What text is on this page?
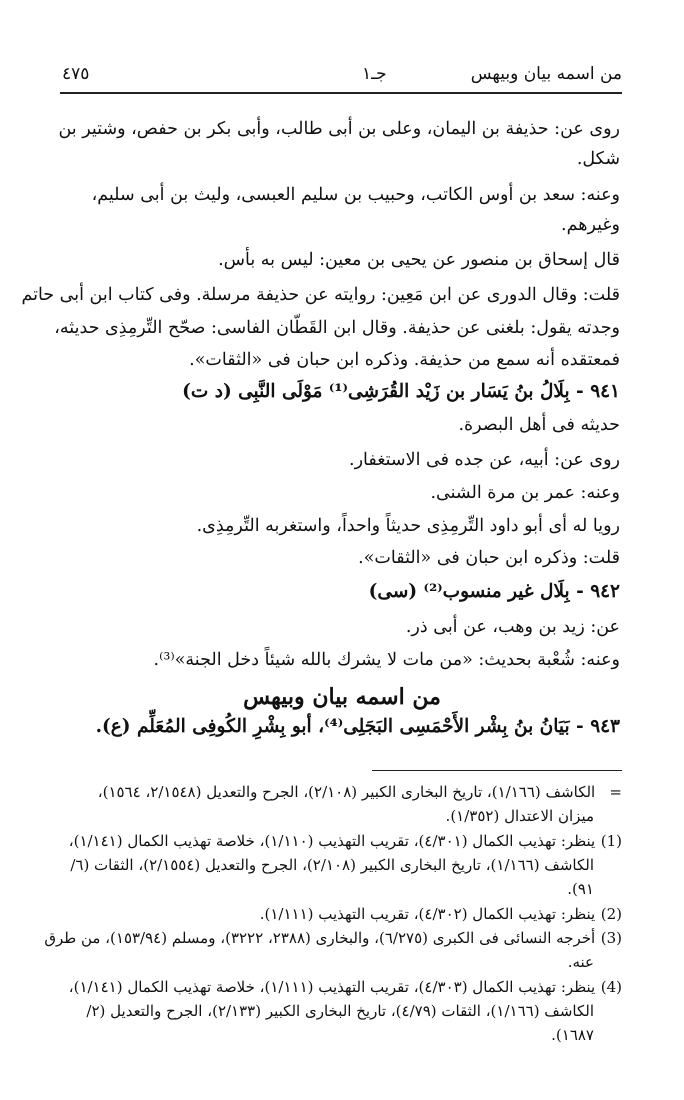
من اسمه بيان وبيهس
جـ١
٤٧٥
روى عن: حذيفة بن اليمان، وعلى بن أبى طالب، وأبى بكر بن حفص، وشتير بن
شكل.
وعنه: سعد بن أوس الكاتب، وحبيب بن سليم العبسى، وليث بن أبى سليم،
وغيرهم.
قال إسحاق بن منصور عن يحيى بن معين: ليس به بأس.
قلت: وقال الدورى عن ابن مَعِين: روايته عن حذيفة مرسلة. وفى كتاب ابن أبى حاتم
وجدته يقول: بلغنى عن حذيفة. وقال ابن القَطّان الفاسى: صحّح التِّرمِذِى حديثه،
فمعتقده أنه سمع من حذيفة. وذكره ابن حبان فى «الثقات».
٩٤١ - بِلَالُ بنُ يَسَار بن زَيْد القُرَشِى⁽¹⁾ مَوْلَى النَّبِى (د ت)
حديثه فى أهل البصرة.
روى عن: أبيه، عن جده فى الاستغفار.
وعنه: عمر بن مرة الشنى.
رويا له أى أبو داود التِّرمِذِى حديثاً واحداً، واستغربه التِّرمِذِى.
قلت: وذكره ابن حبان فى «الثقات».
٩٤٢ - بِلَال غير منسوب⁽²⁾ (سى)
عن: زيد بن وهب، عن أبى ذر.
وعنه: شُعْبة بحديث: «من مات لا يشرك بالله شيئاً دخل الجنة»⁽³⁾.
من اسمه بيان وبيهس
٩٤٣ - بَيَانُ بنُ بِشْر الأَحْمَسِى البَجَلِى⁽⁴⁾، أبو بِشْرِ الكُوفِى المُعَلِّم (ع).
= الكاشف (١/١٦٦)، تاريخ البخارى الكبير (٢/١٠٨)، الجرح والتعديل (٢/١٥٤٨، ١٥٦٤)،
ميزان الاعتدال (١/٣٥٢).
(1) ينظر: تهذيب الكمال (٤/٣٠١)، تقريب التهذيب (١/١١٠)، خلاصة تهذيب الكمال (١/١٤١)،
الكاشف (١/١٦٦)، تاريخ البخارى الكبير (٢/١٠٨)، الجرح والتعديل (٢/١٥٥٤)، الثقات (٦/
٩١).
(2) ينظر: تهذيب الكمال (٤/٣٠٢)، تقريب التهذيب (١/١١١).
(3) أخرجه النسائى فى الكبرى (٦/٢٧٥)، والبخارى (٢٣٨٨، ٣٢٢٢)، ومسلم (١٥٣/٩٤)، من طرق
عنه.
(4) ينظر: تهذيب الكمال (٤/٣٠٣)، تقريب التهذيب (١/١١١)، خلاصة تهذيب الكمال (١/١٤١)،
الكاشف (١/١٦٦)، الثقات (٤/٧٩)، تاريخ البخارى الكبير (٢/١٣٣)، الجرح والتعديل (٢/
١٦٨٧).
